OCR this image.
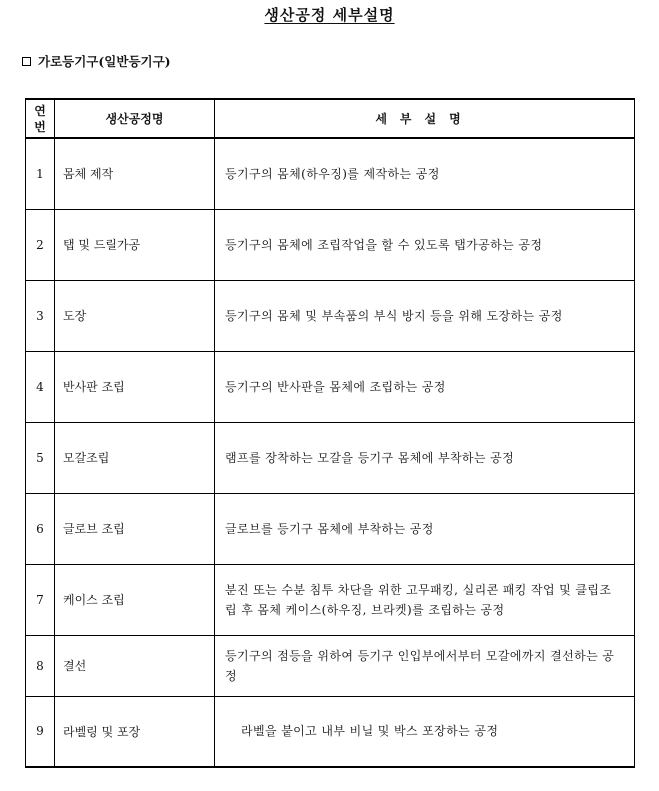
생산공정 세부설명
가로등기구(일반등기구)
연
번	생산공정명	세부설명
1	몸체 제작	등기구의 몸체(하우징)를 제작하는 공정
2	탭 및 드릴가공	등기구의 몸체에 조립작업을 할 수 있도록 탭가공하는 공정
3	도장	등기구의 몸체 및 부속품의 부식 방지 등을 위해 도장하는 공정
4	반사판 조립	등기구의 반사판을 몸체에 조립하는 공정
5	모갈조립	램프를 장착하는 모갈을 등기구 몸체에 부착하는 공정
6	글로브 조립	글로브를 등기구 몸체에 부착하는 공정
7	케이스 조립	분진 또는 수분 침투 차단을 위한 고무패킹, 실리콘 패킹 작업 및 클립조립 후 몸체 케이스(하우징, 브라켓)를 조립하는 공정
8	결선	등기구의 점등을 위하여 등기구 인입부에서부터 모갈에까지 결선하는 공정
9	라벨링 및 포장	라벨을 붙이고 내부 비닐 및 박스 포장하는 공정
